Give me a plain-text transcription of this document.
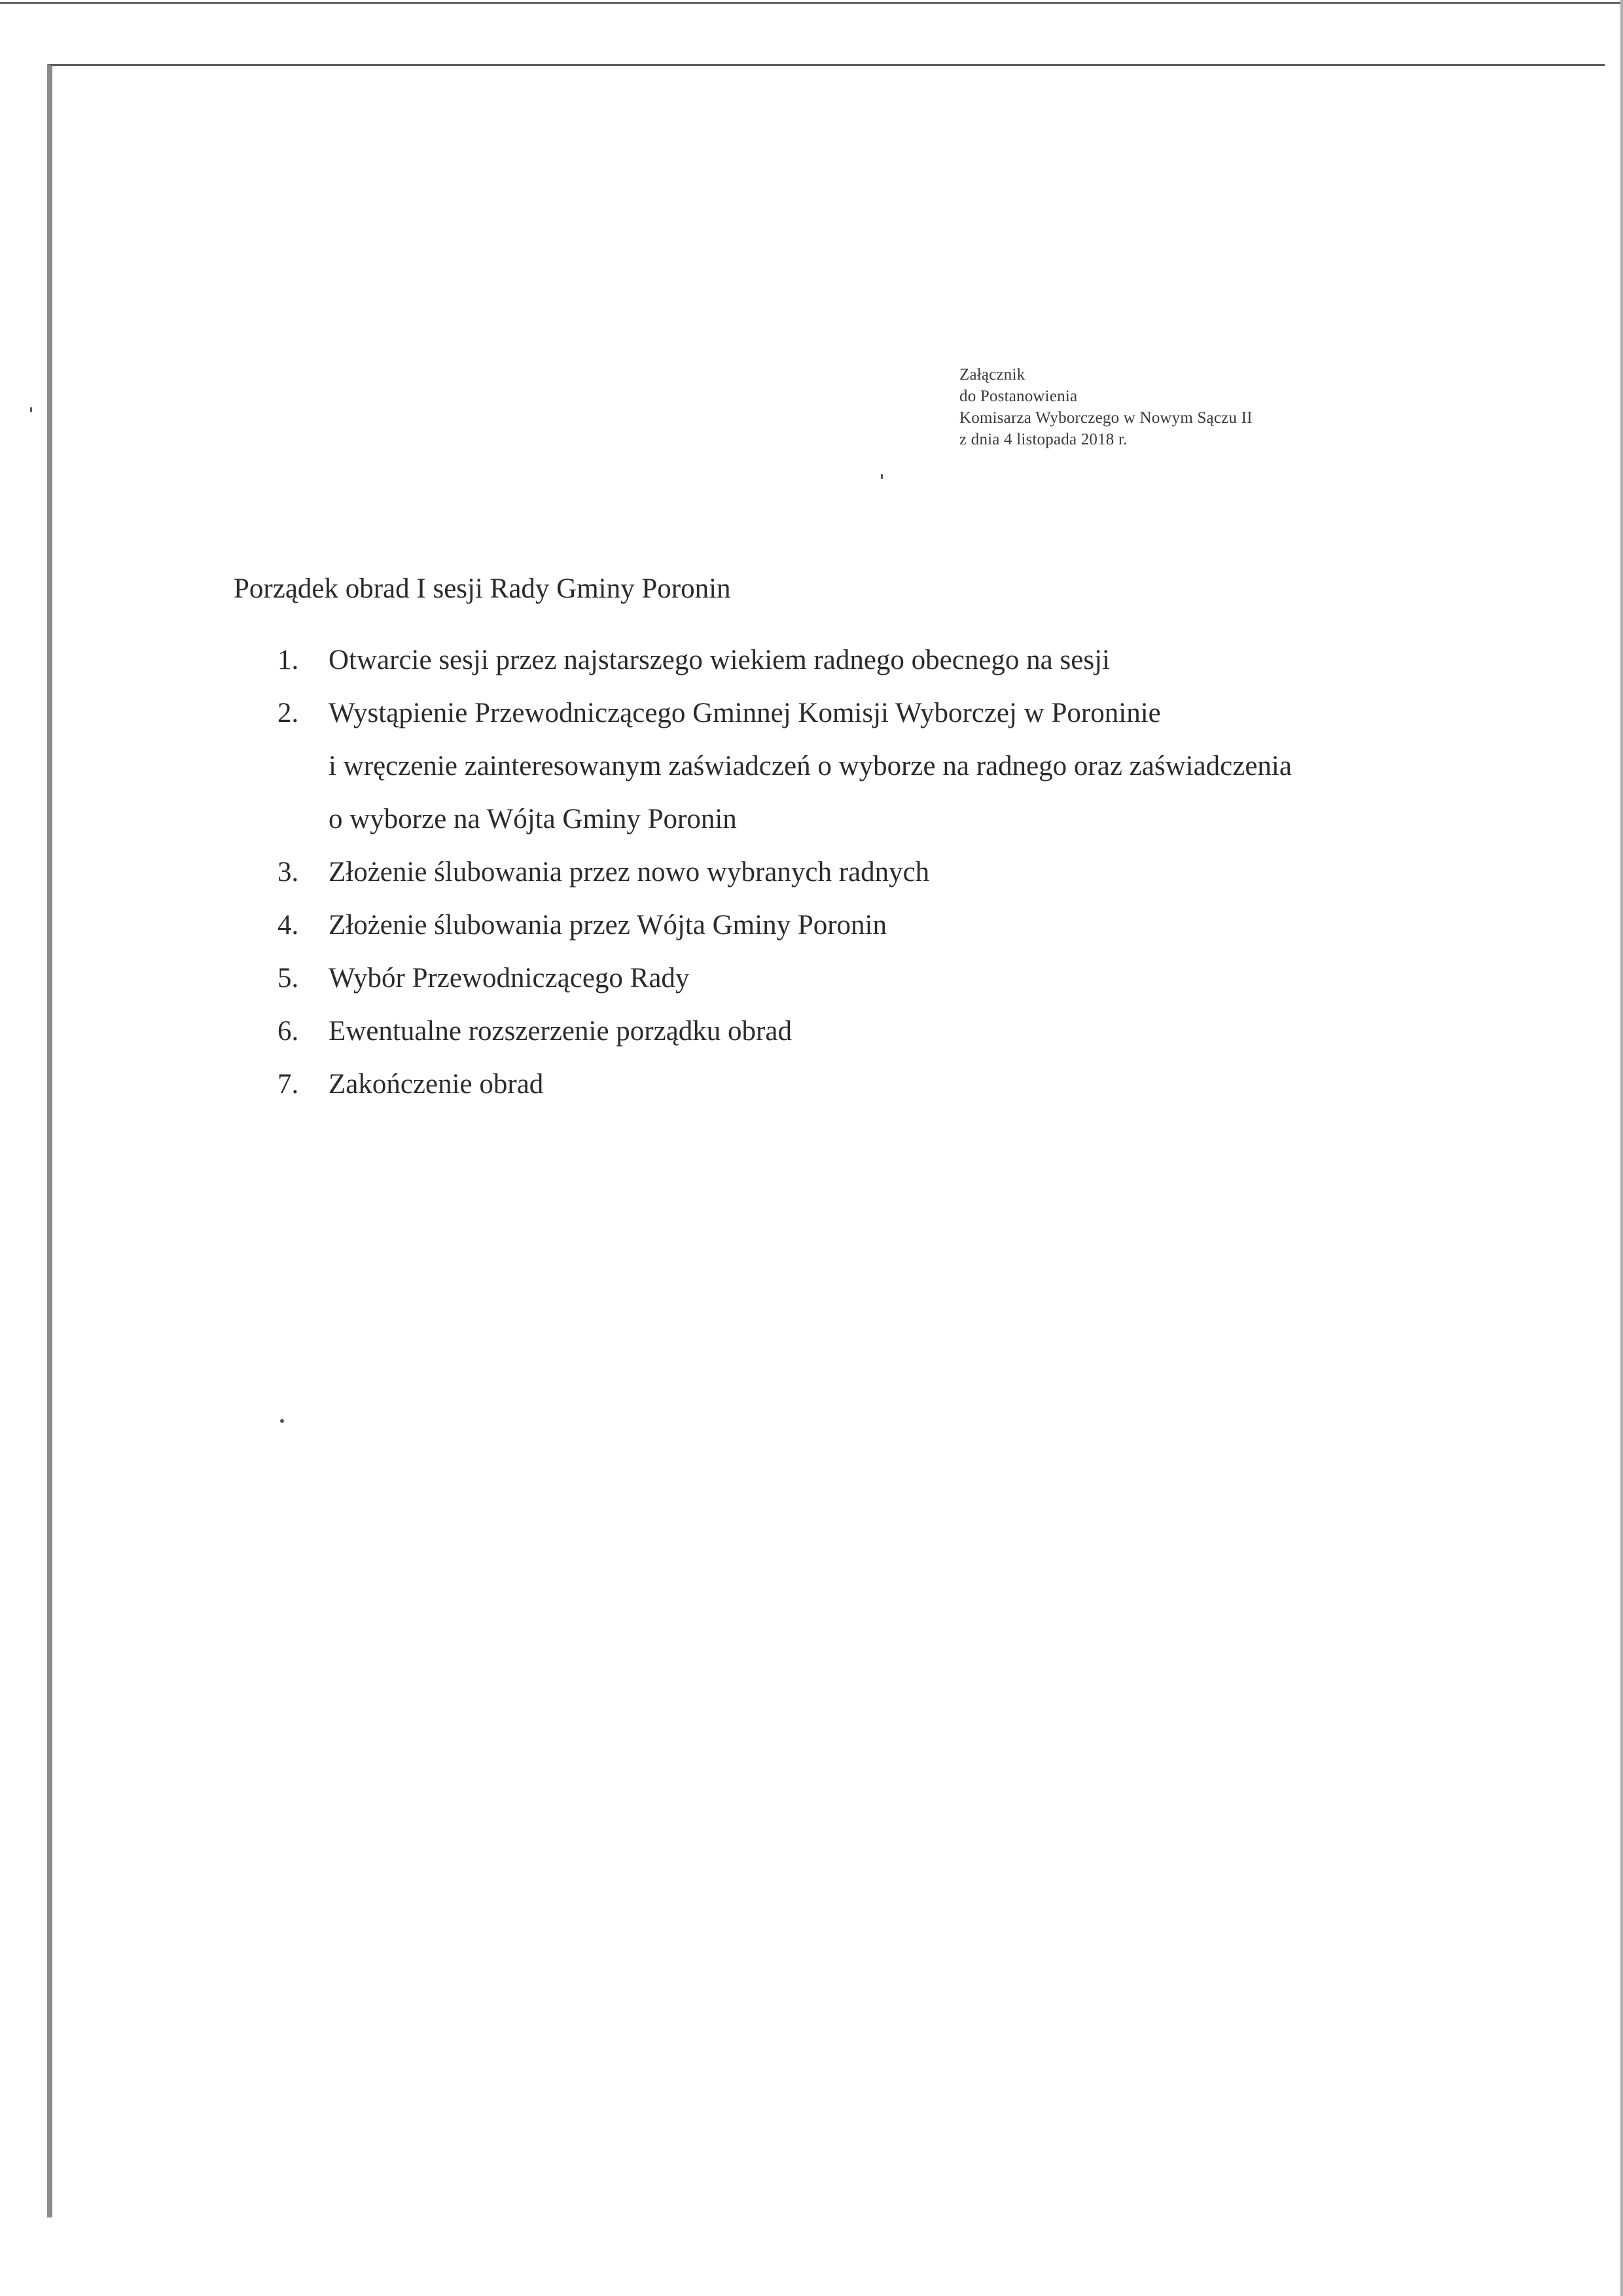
Załącznik
do Postanowienia
Komisarza Wyborczego w Nowym Sączu II
z dnia 4 listopada 2018 r.
Porządek obrad I sesji Rady Gminy Poronin
1.	Otwarcie sesji przez najstarszego wiekiem radnego obecnego na sesji
2.	Wystąpienie Przewodniczącego Gminnej Komisji Wyborczej w Poroninie
i wręczenie zainteresowanym zaświadczeń o wyborze na radnego oraz zaświadczenia
o wyborze na Wójta Gminy Poronin
3.	Złożenie ślubowania przez nowo wybranych radnych
4.	Złożenie ślubowania przez Wójta Gminy Poronin
5.	Wybór Przewodniczącego Rady
6.	Ewentualne rozszerzenie porządku obrad
7.	Zakończenie obrad
